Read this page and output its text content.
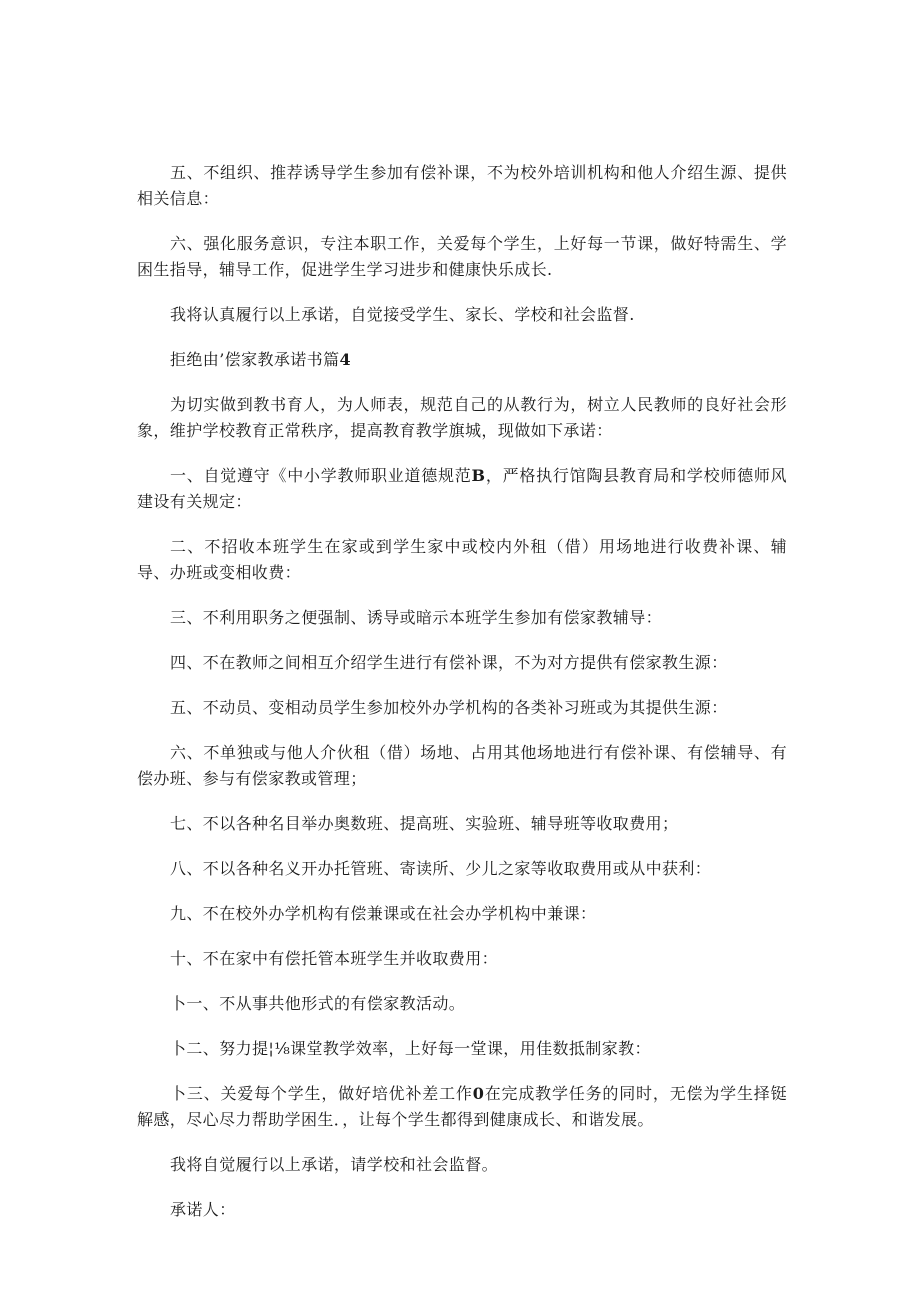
五、不组织、推荐诱导学生参加有偿补课，不为校外培训机构和他人介绍生源、提供相关信息：

六、强化服务意识，专注本职工作，关爱每个学生，上好每一节课，做好特需生、学困生指导，辅导工作，促进学生学习进步和健康快乐成长.

我将认真履行以上承诺，自觉接受学生、家长、学校和社会监督.

拒绝由’偿家教承诺书篇4

为切实做到教书育人，为人师表，规范自己的从教行为，树立人民教师的良好社会形象，维护学校教育正常秩序，提高教育教学旗城，现做如下承诺：

一、自觉遵守《中小学教师职业道德规范B，严格执行馆陶县教育局和学校师德师风建设有关规定：

二、不招收本班学生在家或到学生家中或校内外租（借）用场地进行收费补课、辅导、办班或变相收费：

三、不利用职务之便强制、诱导或暗示本班学生参加有偿家教辅导：

四、不在教师之间相互介绍学生进行有偿补课，不为对方提供有偿家教生源：

五、不动员、变相动员学生参加校外办学机构的各类补习班或为其提供生源：

六、不单独或与他人介伙租（借）场地、占用其他场地进行有偿补课、有偿辅导、有偿办班、参与有偿家教或管理；

七、不以各种名目举办奥数班、提高班、实验班、辅导班等收取费用；

八、不以各种名义开办托管班、寄读所、少儿之家等收取费用或从中获利：

九、不在校外办学机构有偿兼课或在社会办学机构中兼课：

十、不在家中有偿托管本班学生并收取费用：

卜一、不从事共他形式的有偿家教活动。

卜二、努力提¦⅛课堂教学效率，上好每一堂课，用佳数抵制家教：

卜三、关爱每个学生，做好培优补差工作0在完成教学任务的同时，无偿为学生择铤解感，尽心尽力帮助学困生．，让每个学生都得到健康成长、和谐发展。

我将自觉履行以上承诺，请学校和社会监督。

承诺人：
